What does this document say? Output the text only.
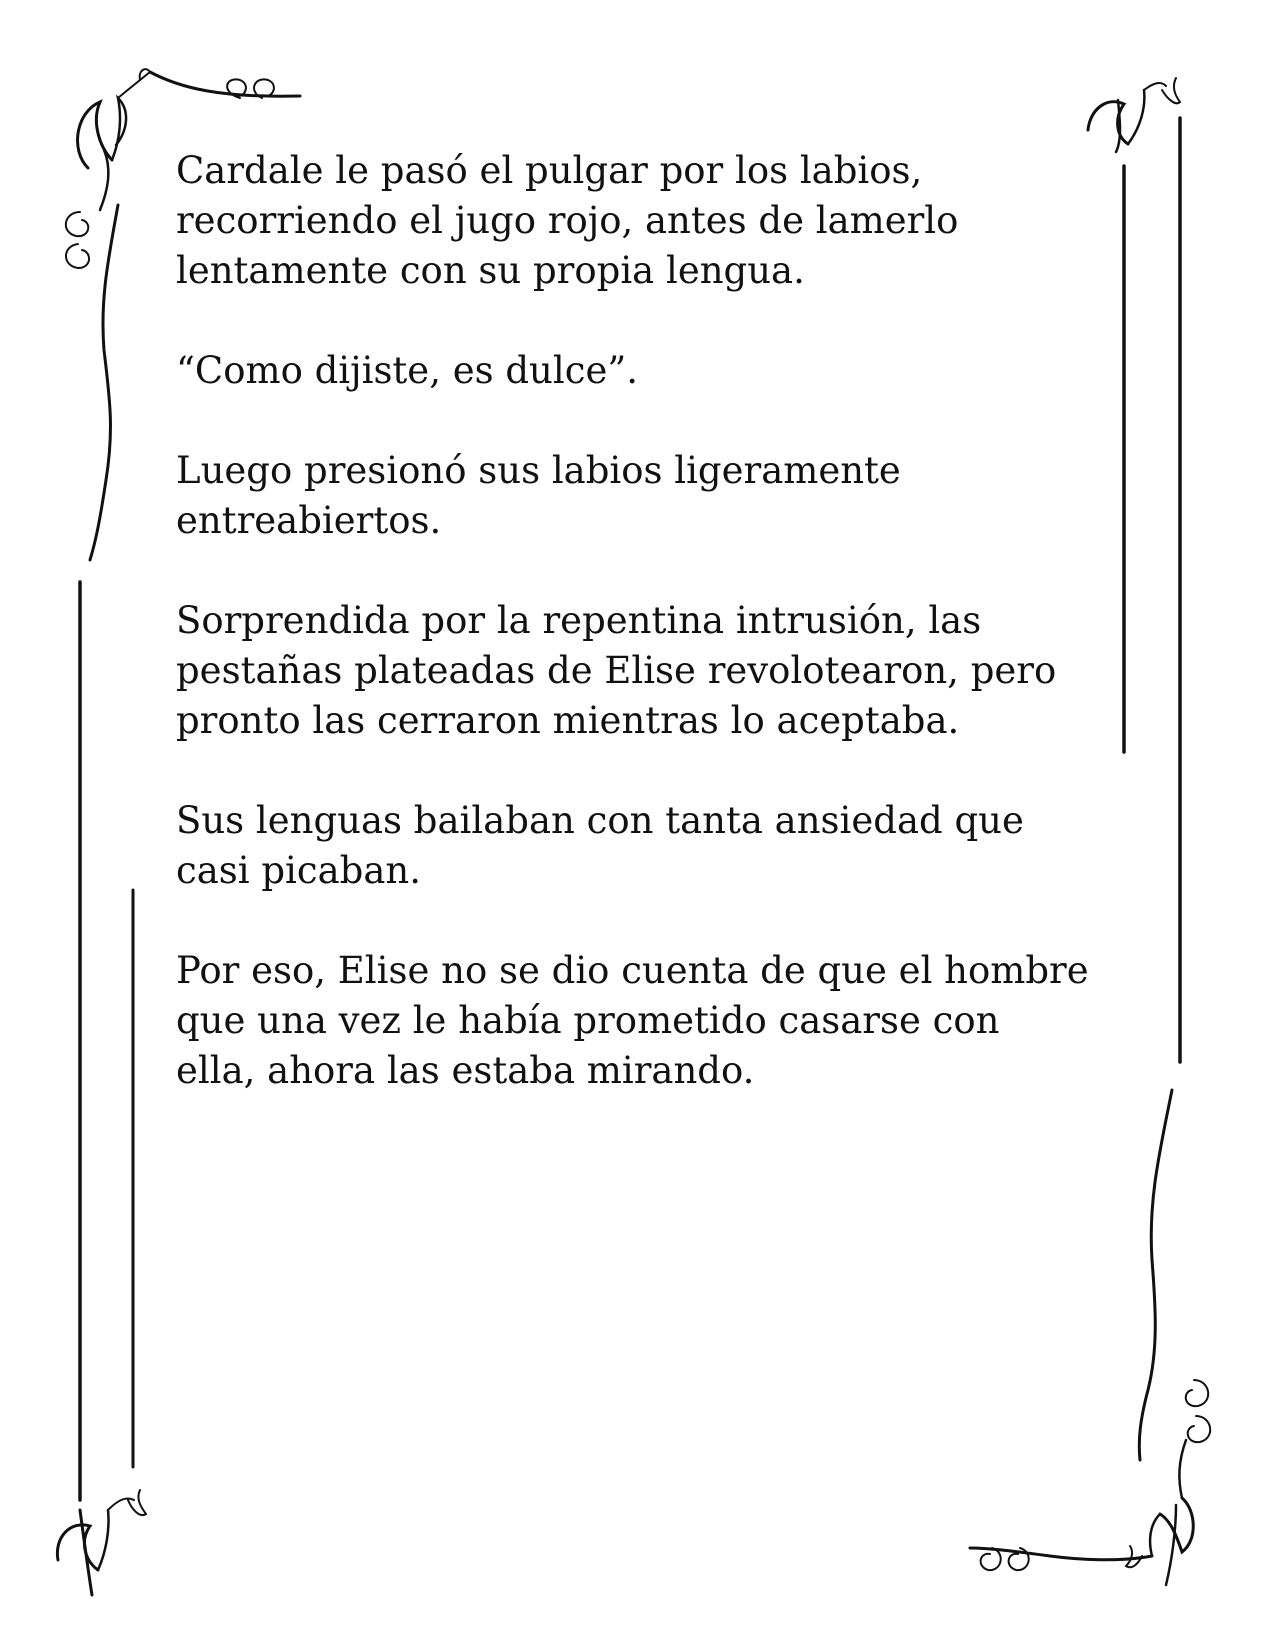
Cardale le pasó el pulgar por los labios,
recorriendo el jugo rojo, antes de lamerlo
lentamente con su propia lengua.

“Como dijiste, es dulce”.

Luego presionó sus labios ligeramente
entreabiertos.

Sorprendida por la repentina intrusión, las
pestañas plateadas de Elise revolotearon, pero
pronto las cerraron mientras lo aceptaba.

Sus lenguas bailaban con tanta ansiedad que
casi picaban.

Por eso, Elise no se dio cuenta de que el hombre
que una vez le había prometido casarse con
ella, ahora las estaba mirando.
